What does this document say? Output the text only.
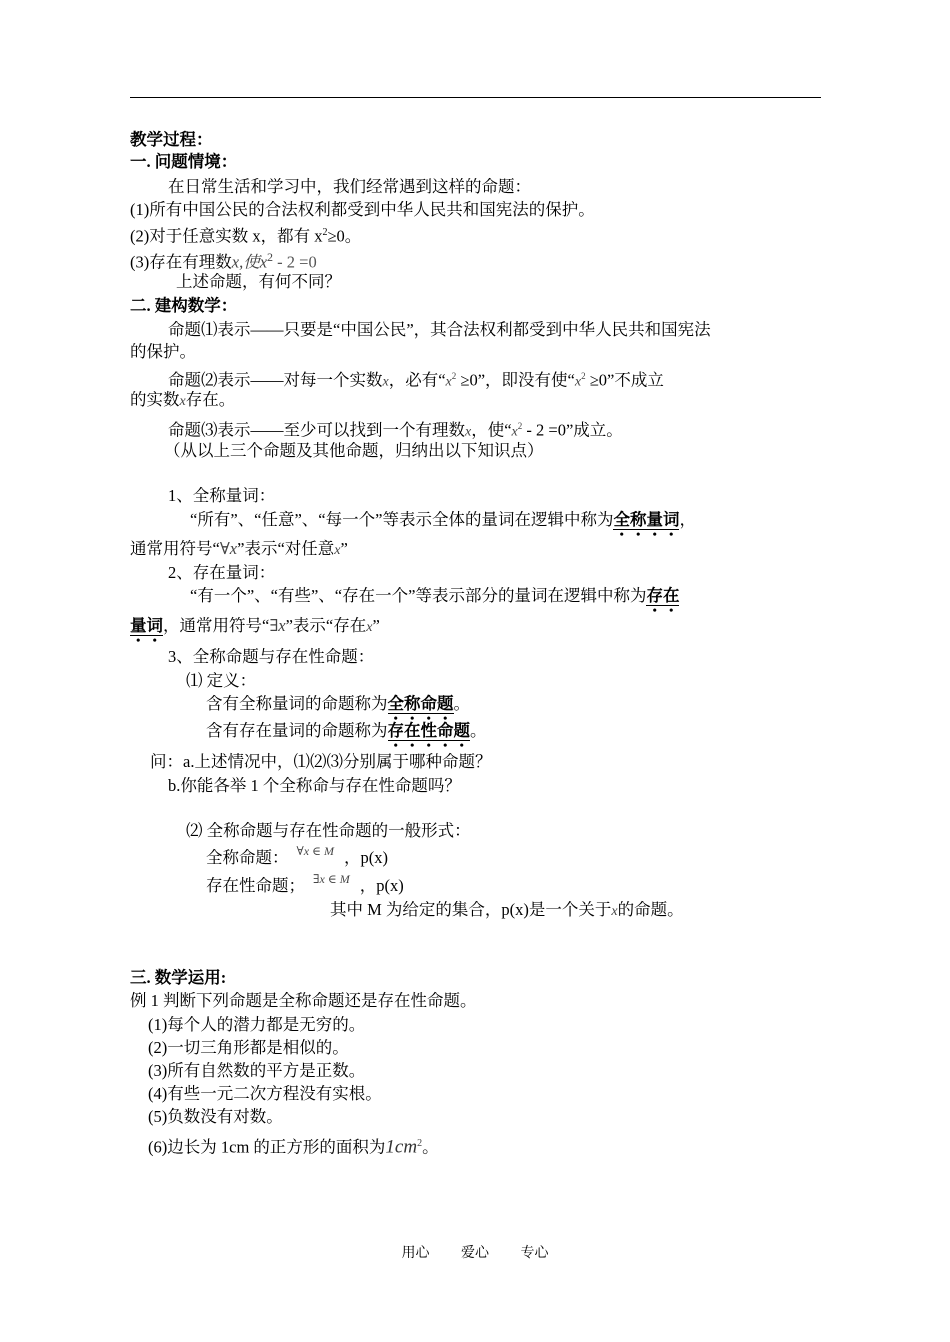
教学过程：
一. 问题情境：
在日常生活和学习中，我们经常遇到这样的命题：
(1)所有中国公民的合法权利都受到中华人民共和国宪法的保护。
(2)对于任意实数 x，都有 $x^2\ge 0$。
(3)存在有理数x,使$x^2 - 2 =0$
上述命题，有何不同？
二. 建构数学：
命题⑴表示——只要是“中国公民”，其合法权利都受到中华人民共和国宪法
的保护。
命题⑵表示——对每一个实数x，必有“$x^2 \ge 0$”，即没有使“$x^2 \ge 0$”不成立
的实数x存在。
命题⑶表示——至少可以找到一个有理数x，使“$x^2 - 2 =0$”成立。
（从以上三个命题及其他命题，归纳出以下知识点）
1、全称量词：
“所有”、“任意”、“每一个”等表示全体的量词在逻辑中称为全称量词
• • • •
，
通常用符号“∀x”表示“对任意x”
2、存在量词：
“有一个”、“有些”、“存在一个”等表示部分的量词在逻辑中称为存在
• •
量词
• •
，通常用符号“∃x”表示“存在x”
3、全称命题与存在性命题：
⑴ 定义：
含有全称量词的命题称为全称命题
• • • •
。
含有存在量词的命题称为存在性命题
• • • • •
。
问：a.上述情况中，⑴⑵⑶分别属于哪种命题？
b.你能各举 1 个全称命与存在性命题吗？
⑵ 全称命题与存在性命题的一般形式：
全称命题： $^{\forall x \in M}$ ，p(x)
存在性命题； $^{\exists x \in M}$ ，p(x)
其中 M 为给定的集合，p(x)是一个关于x的命题。
三. 数学运用:
例 1 判断下列命题是全称命题还是存在性命题。
(1)每个人的潜力都是无穷的。
(2)一切三角形都是相似的。
(3)所有自然数的平方是正数。
(4)有些一元二次方程没有实根。
(5)负数没有对数。
(6)边长为 1cm 的正方形的面积为$1cm^2$。
用心 爱心 专心
